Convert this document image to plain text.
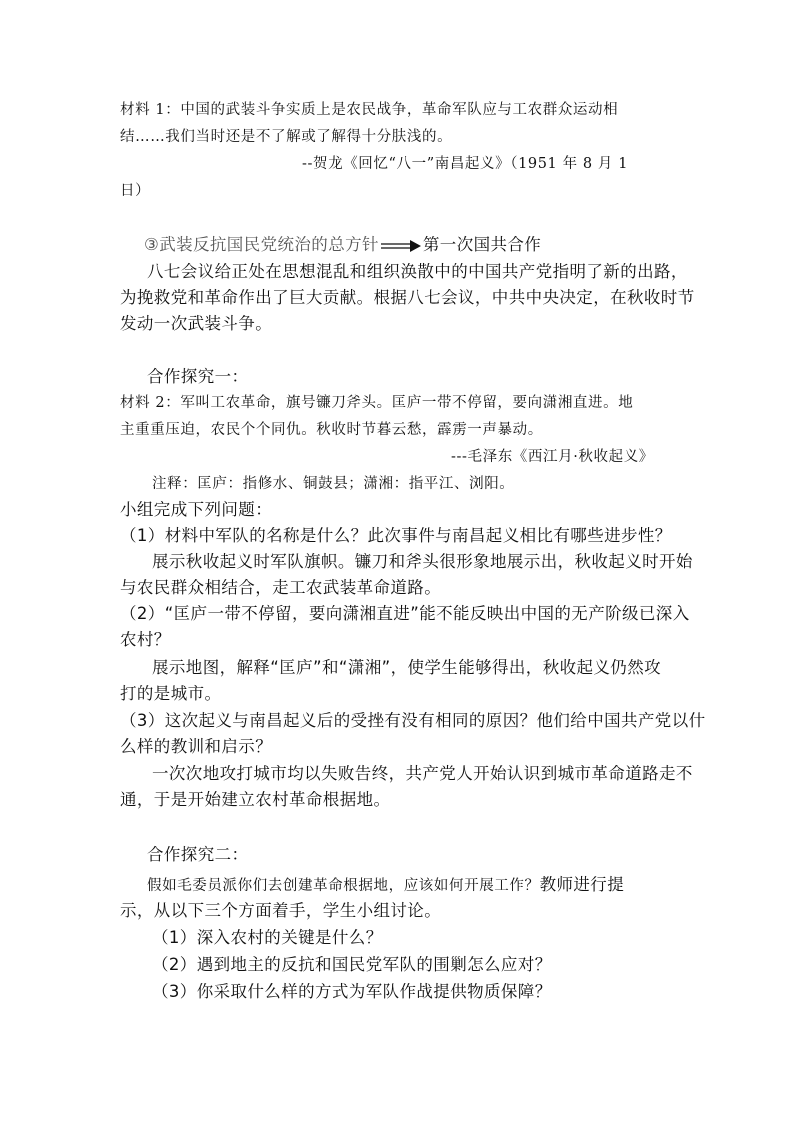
材料 1：中国的武装斗争实质上是农民战争，革命军队应与工农群众运动相
结……我们当时还是不了解或了解得十分肤浅的。
--贺龙《回忆“八一”南昌起义》（1951 年 8 月 1
日）
③武装反抗国民党统治的总方针	第一次国共合作
八七会议给正处在思想混乱和组织涣散中的中国共产党指明了新的出路，
为挽救党和革命作出了巨大贡献。根据八七会议，中共中央决定，在秋收时节
发动一次武装斗争。
合作探究一：
材料 2：军叫工农革命，旗号镰刀斧头。匡庐一带不停留，要向潇湘直进。地
主重重压迫，农民个个同仇。秋收时节暮云愁，霹雳一声暴动。
---毛泽东《西江月·秋收起义》
注释：匡庐：指修水、铜鼓县；潇湘：指平江、浏阳。
小组完成下列问题：
（1）材料中军队的名称是什么？此次事件与南昌起义相比有哪些进步性？
展示秋收起义时军队旗帜。镰刀和斧头很形象地展示出，秋收起义时开始
与农民群众相结合，走工农武装革命道路。
（2）“匡庐一带不停留，要向潇湘直进”能不能反映出中国的无产阶级已深入
农村？
展示地图，解释“匡庐”和“潇湘”，使学生能够得出，秋收起义仍然攻
打的是城市。
（3）这次起义与南昌起义后的受挫有没有相同的原因？他们给中国共产党以什
么样的教训和启示？
一次次地攻打城市均以失败告终，共产党人开始认识到城市革命道路走不
通，于是开始建立农村革命根据地。
合作探究二：
假如毛委员派你们去创建革命根据地，应该如何开展工作？教师进行提
示，从以下三个方面着手，学生小组讨论。
（1）深入农村的关键是什么？
（2）遇到地主的反抗和国民党军队的围剿怎么应对？
（3）你采取什么样的方式为军队作战提供物质保障？
